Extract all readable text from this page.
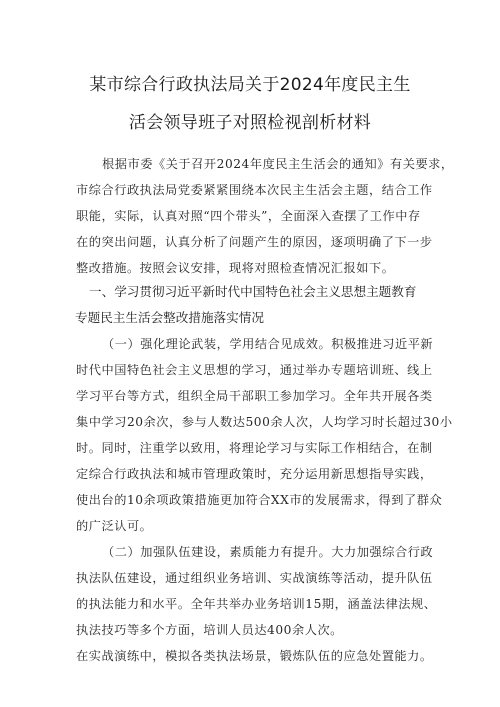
某市综合行政执法局关于2024年度民主生
活会领导班子对照检视剖析材料
根据市委《关于召开2024年度民主生活会的通知》有关要求，
市综合行政执法局党委紧紧围绕本次民主生活会主题，结合工作
职能，实际，认真对照“四个带头”，全面深入查摆了工作中存
在的突出问题，认真分析了问题产生的原因，逐项明确了下一步
整改措施。按照会议安排，现将对照检查情况汇报如下。
一、学习贯彻习近平新时代中国特色社会主义思想主题教育
专题民主生活会整改措施落实情况
（一）强化理论武装，学用结合见成效。积极推进习近平新
时代中国特色社会主义思想的学习，通过举办专题培训班、线上
学习平台等方式，组织全局干部职工参加学习。全年共开展各类
集中学习20余次，参与人数达500余人次，人均学习时长超过30小
时。同时，注重学以致用，将理论学习与实际工作相结合，在制
定综合行政执法和城市管理政策时，充分运用新思想指导实践，
使出台的10余项政策措施更加符合XX市的发展需求，得到了群众
的广泛认可。
（二）加强队伍建设，素质能力有提升。大力加强综合行政
执法队伍建设，通过组织业务培训、实战演练等活动，提升队伍
的执法能力和水平。全年共举办业务培训15期，涵盖法律法规、
执法技巧等多个方面，培训人员达400余人次。
在实战演练中，模拟各类执法场景，锻炼队伍的应急处置能力。
